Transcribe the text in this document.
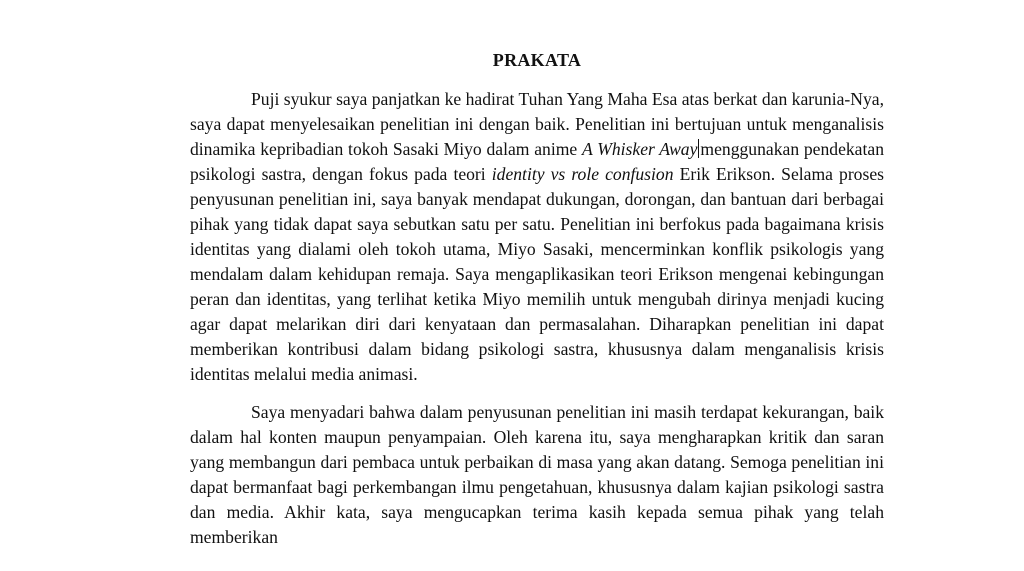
PRAKATA

Puji syukur saya panjatkan ke hadirat Tuhan Yang Maha Esa atas berkat dan karunia-Nya, saya dapat menyelesaikan penelitian ini dengan baik. Penelitian ini bertujuan untuk menganalisis dinamika kepribadian tokoh Sasaki Miyo dalam anime A Whisker Away menggunakan pendekatan psikologi sastra, dengan fokus pada teori identity vs role confusion Erik Erikson. Selama proses penyusunan penelitian ini, saya banyak mendapat dukungan, dorongan, dan bantuan dari berbagai pihak yang tidak dapat saya sebutkan satu per satu. Penelitian ini berfokus pada bagaimana krisis identitas yang dialami oleh tokoh utama, Miyo Sasaki, mencerminkan konflik psikologis yang mendalam dalam kehidupan remaja. Saya mengaplikasikan teori Erikson mengenai kebingungan peran dan identitas, yang terlihat ketika Miyo memilih untuk mengubah dirinya menjadi kucing agar dapat melarikan diri dari kenyataan dan permasalahan. Diharapkan penelitian ini dapat memberikan kontribusi dalam bidang psikologi sastra, khususnya dalam menganalisis krisis identitas melalui media animasi.

Saya menyadari bahwa dalam penyusunan penelitian ini masih terdapat kekurangan, baik dalam hal konten maupun penyampaian. Oleh karena itu, saya mengharapkan kritik dan saran yang membangun dari pembaca untuk perbaikan di masa yang akan datang. Semoga penelitian ini dapat bermanfaat bagi perkembangan ilmu pengetahuan, khususnya dalam kajian psikologi sastra dan media. Akhir kata, saya mengucapkan terima kasih kepada semua pihak yang telah memberikan
